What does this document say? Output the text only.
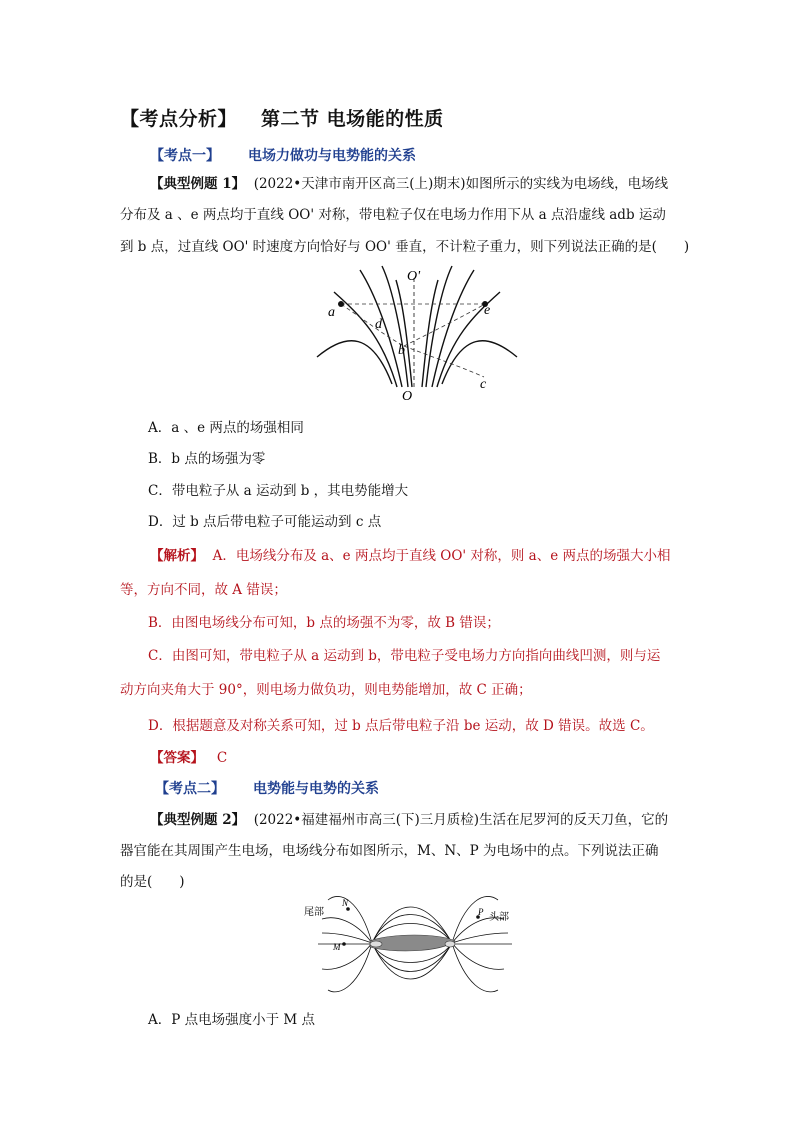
【考点分析】 第二节 电场能的性质
【考点一】 电场力做功与电势能的关系
【典型例题 1】 (2022•天津市南开区高三(上)期末)如图所示的实线为电场线，电场线
分布及 a 、e 两点均于直线 OO' 对称，带电粒子仅在电场力作用下从 a 点沿虚线 adb 运动
到 b 点，过直线 OO' 时速度方向恰好与 OO' 垂直，不计粒子重力，则下列说法正确的是(　　)
O'
O
a
d
e
b
c
A．a 、e 两点的场强相同
B．b 点的场强为零
C．带电粒子从 a 运动到 b ，其电势能增大
D．过 b 点后带电粒子可能运动到 c 点
【解析】 A．电场线分布及 a、e 两点均于直线 OO' 对称，则 a、e 两点的场强大小相
等，方向不同，故 A 错误；
B．由图电场线分布可知，b 点的场强不为零，故 B 错误；
C．由图可知，带电粒子从 a 运动到 b，带电粒子受电场力方向指向曲线凹测，则与运
动方向夹角大于 90°，则电场力做负功，则电势能增加，故 C 正确；
D．根据题意及对称关系可知，过 b 点后带电粒子沿 be 运动，故 D 错误。故选 C。
【答案】 C
【考点二】 电势能与电势的关系
【典型例题 2】 (2022•福建福州市高三(下)三月质检)生活在尼罗河的反天刀鱼，它的
器官能在其周围产生电场，电场线分布如图所示，M、N、P 为电场中的点。下列说法正确
的是(　　)
尾部	头部
N
M
P
A．P 点电场强度小于 M 点
